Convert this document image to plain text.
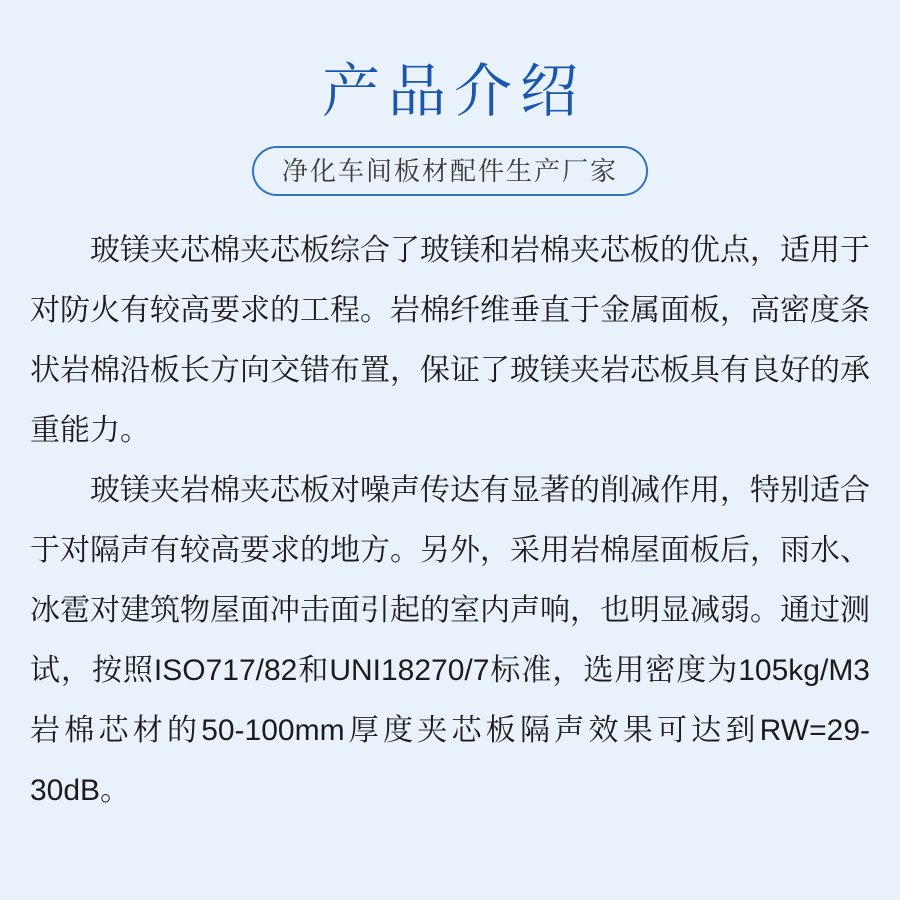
产品介绍
净化车间板材配件生产厂家

玻镁夹芯棉夹芯板综合了玻镁和岩棉夹芯板的优点，适用于对防火有较高要求的工程。岩棉纤维垂直于金属面板，高密度条状岩棉沿板长方向交错布置，保证了玻镁夹岩芯板具有良好的承重能力。

玻镁夹岩棉夹芯板对噪声传达有显著的削减作用，特别适合于对隔声有较高要求的地方。另外，采用岩棉屋面板后，雨水、冰雹对建筑物屋面冲击面引起的室内声响，也明显减弱。通过测试，按照ISO717/82和UNI18270/7标准，选用密度为105kg/M3岩棉芯材的50-100mm厚度夹芯板隔声效果可达到RW=29-30dB。
